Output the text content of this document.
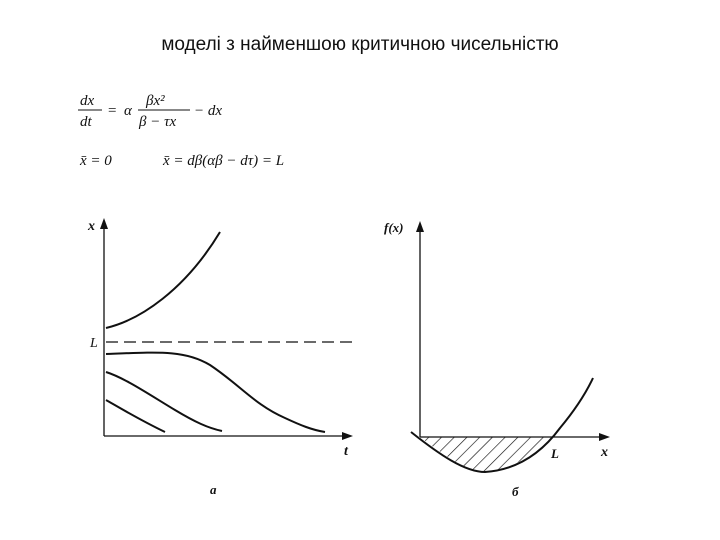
моделі з найменшою критичною чисельністю
dx
dt
= α
βx²
β − τx
− dx
x̄ = 0	x̄ = dβ(αβ − dτ) = L
x
t
L
а
f(x)
x
L
б
